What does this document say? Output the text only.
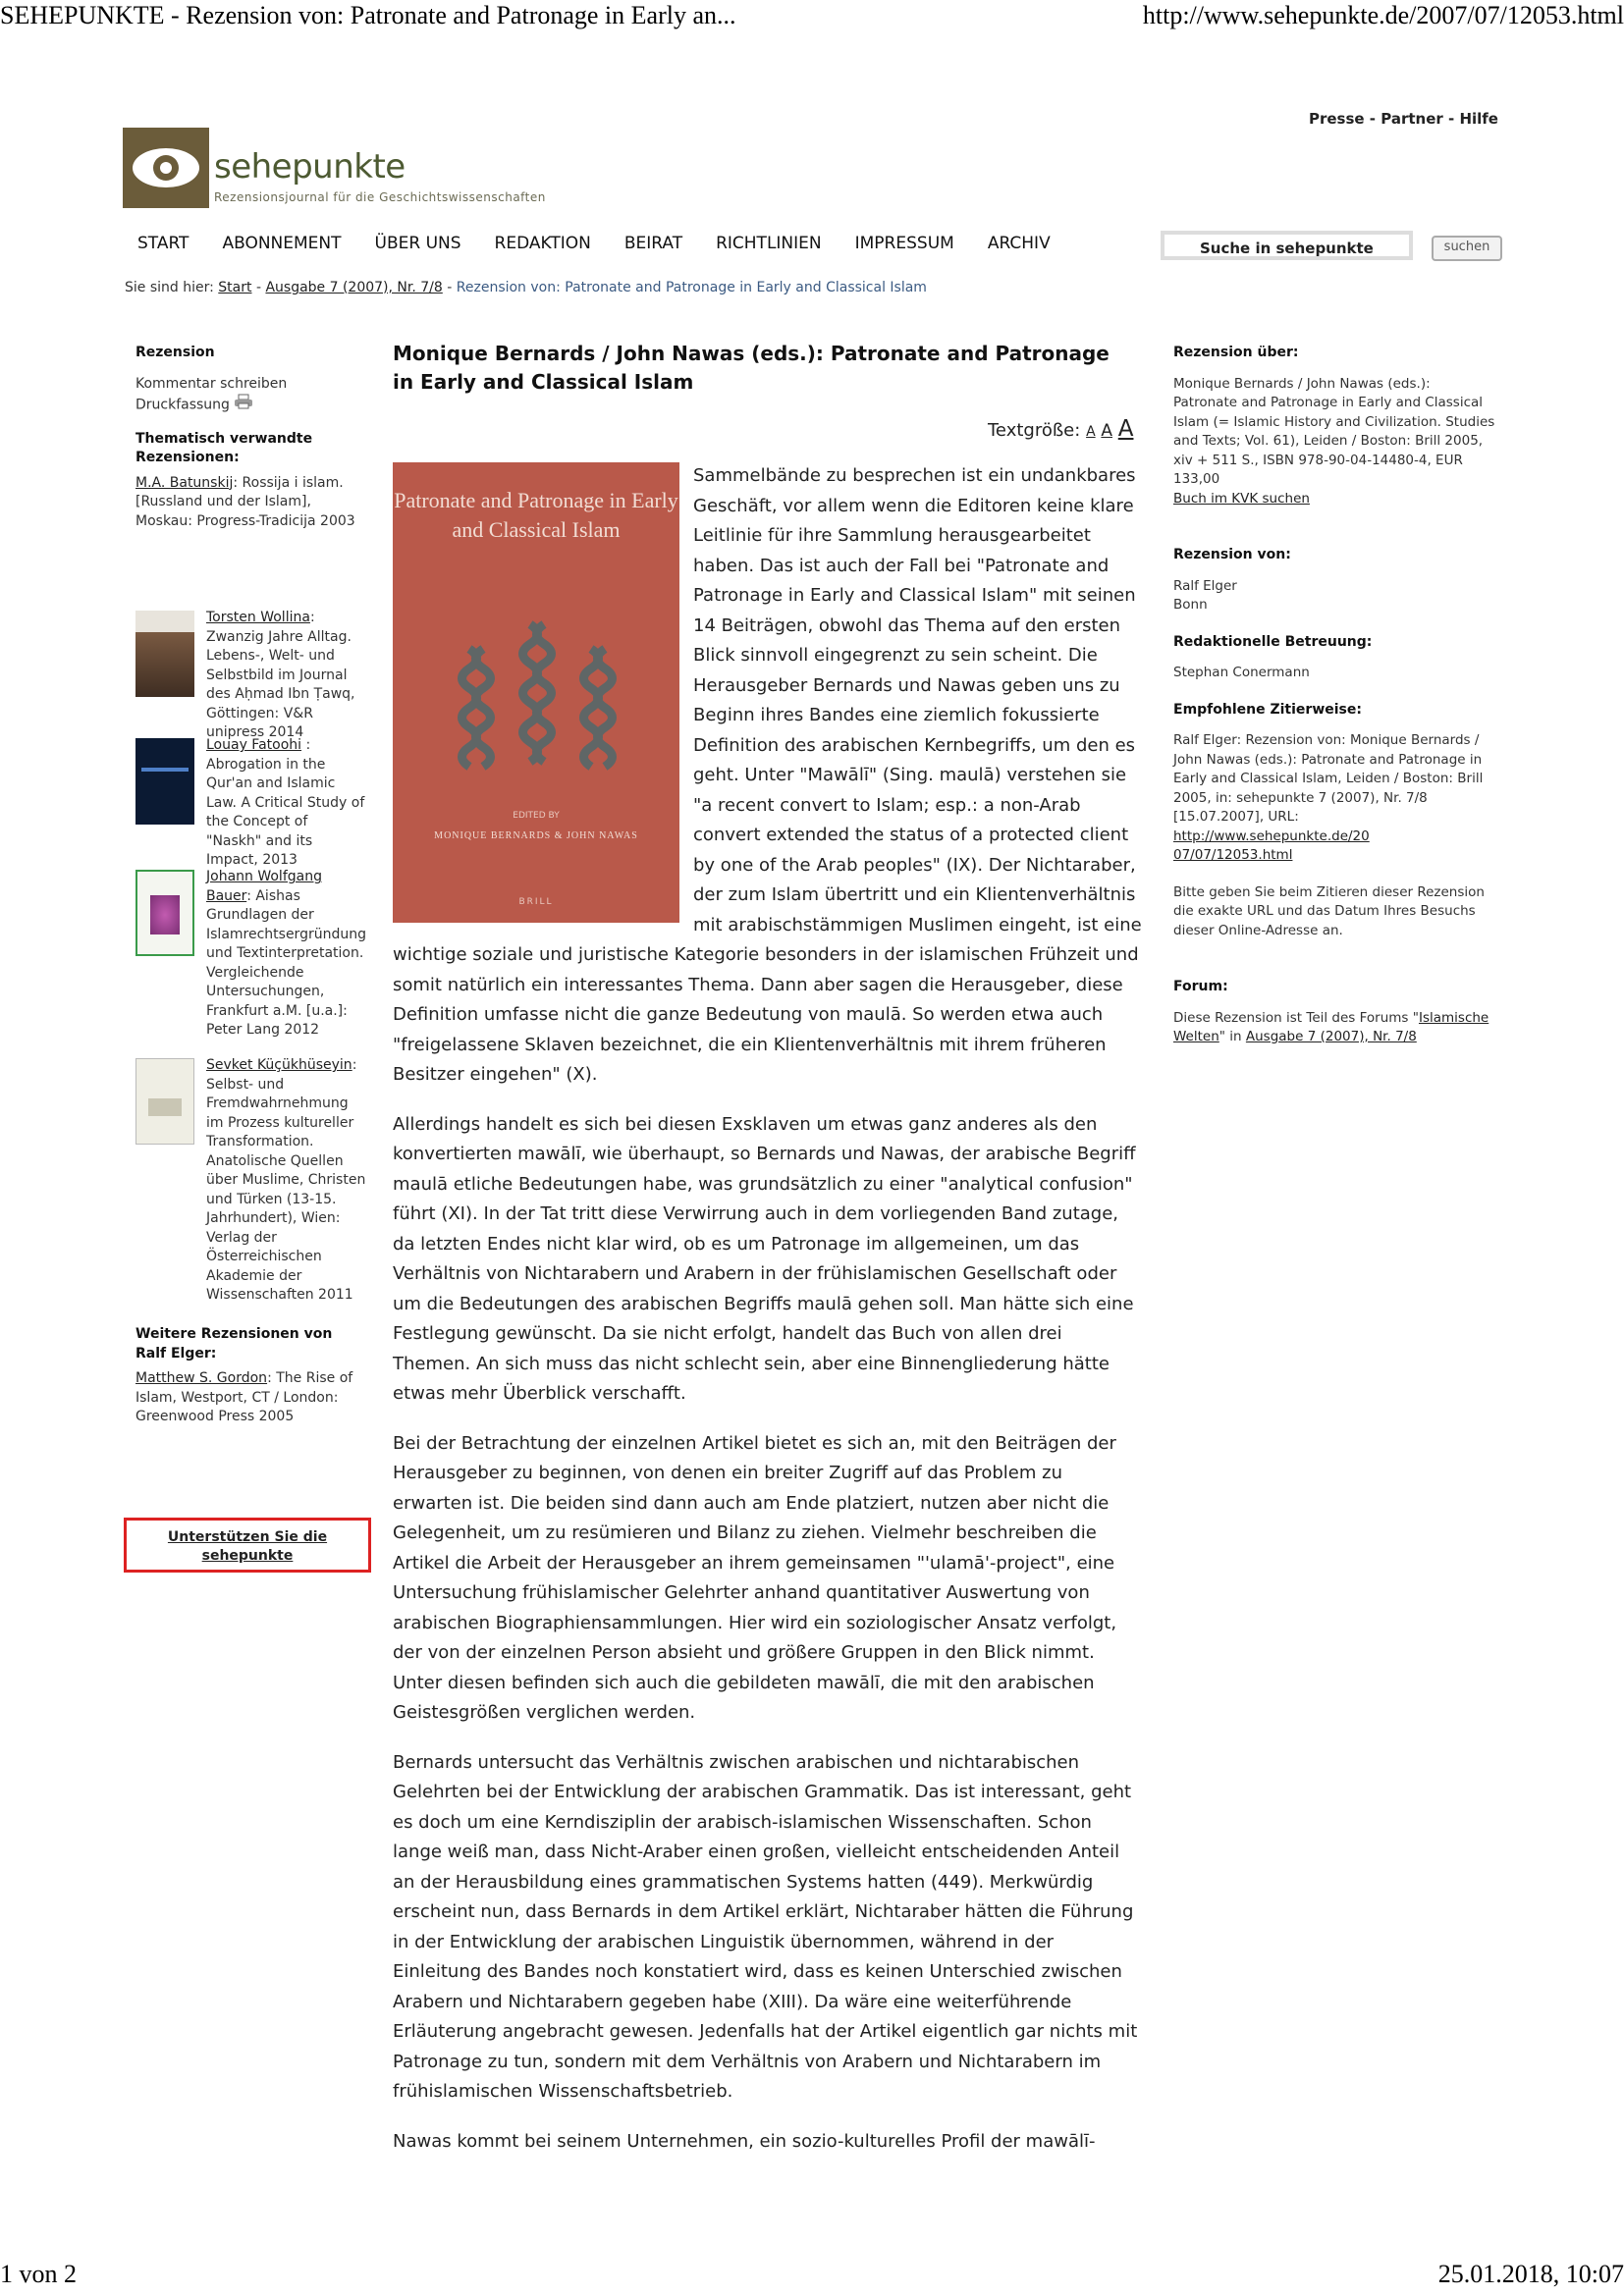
SEHEPUNKTE - Rezension von: Patronate and Patronage in Early an...	http://www.sehepunkte.de/2007/07/12053.html
Presse - Partner - Hilfe
sehepunkte
Rezensionsjournal für die Geschichtswissenschaften
START ABONNEMENT ÜBER UNS REDAKTION BEIRAT RICHTLINIEN IMPRESSUM ARCHIV	Suche in sehepunkte	suchen
Sie sind hier: Start - Ausgabe 7 (2007), Nr. 7/8 - Rezension von: Patronate and Patronage in Early and Classical Islam
Rezension
Kommentar schreiben
Druckfassung
Thematisch verwandte Rezensionen:
M.A. Batunskij: Rossija i islam. [Russland und der Islam], Moskau: Progress-Tradicija 2003
Torsten Wollina: Zwanzig Jahre Alltag. Lebens-, Welt- und Selbstbild im Journal des Aḥmad Ibn Ṭawq, Göttingen: V&R unipress 2014
Louay Fatoohi : Abrogation in the Qur'an and Islamic Law. A Critical Study of the Concept of "Naskh" and its Impact, 2013
Johann Wolfgang Bauer: Aishas Grundlagen der Islamrechtsergründung und Textinterpretation. Vergleichende Untersuchungen, Frankfurt a.M. [u.a.]: Peter Lang 2012
Sevket Küçükhüseyin: Selbst- und Fremdwahrnehmung im Prozess kultureller Transformation. Anatolische Quellen über Muslime, Christen und Türken (13-15. Jahrhundert), Wien: Verlag der Österreichischen Akademie der Wissenschaften 2011
Weitere Rezensionen von Ralf Elger:
Matthew S. Gordon: The Rise of Islam, Westport, CT / London: Greenwood Press 2005
Unterstützen Sie die sehepunkte
Monique Bernards / John Nawas (eds.): Patronate and Patronage in Early and Classical Islam
Textgröße: A A A
Patronate and Patronage in Early and Classical Islam
EDITED BY
MONIQUE BERNARDS & JOHN NAWAS
BRILL

Sammelbände zu besprechen ist ein undankbares Geschäft, vor allem wenn die Editoren keine klare Leitlinie für ihre Sammlung herausgearbeitet haben. Das ist auch der Fall bei "Patronate and Patronage in Early and Classical Islam" mit seinen 14 Beiträgen, obwohl das Thema auf den ersten Blick sinnvoll eingegrenzt zu sein scheint. Die Herausgeber Bernards und Nawas geben uns zu Beginn ihres Bandes eine ziemlich fokussierte Definition des arabischen Kernbegriffs, um den es geht. Unter "Mawālī" (Sing. maulā) verstehen sie "a recent convert to Islam; esp.: a non-Arab convert extended the status of a protected client by one of the Arab peoples" (IX). Der Nichtaraber, der zum Islam übertritt und ein Klientenverhältnis mit arabischstämmigen Muslimen eingeht, ist eine wichtige soziale und juristische Kategorie besonders in der islamischen Frühzeit und somit natürlich ein interessantes Thema. Dann aber sagen die Herausgeber, diese Definition umfasse nicht die ganze Bedeutung von maulā. So werden etwa auch "freigelassene Sklaven bezeichnet, die ein Klientenverhältnis mit ihrem früheren Besitzer eingehen" (X).

Allerdings handelt es sich bei diesen Exsklaven um etwas ganz anderes als den konvertierten mawālī, wie überhaupt, so Bernards und Nawas, der arabische Begriff maulā etliche Bedeutungen habe, was grundsätzlich zu einer "analytical confusion" führt (XI). In der Tat tritt diese Verwirrung auch in dem vorliegenden Band zutage, da letzten Endes nicht klar wird, ob es um Patronage im allgemeinen, um das Verhältnis von Nichtarabern und Arabern in der frühislamischen Gesellschaft oder um die Bedeutungen des arabischen Begriffs maulā gehen soll. Man hätte sich eine Festlegung gewünscht. Da sie nicht erfolgt, handelt das Buch von allen drei Themen. An sich muss das nicht schlecht sein, aber eine Binnengliederung hätte etwas mehr Überblick verschafft.

Bei der Betrachtung der einzelnen Artikel bietet es sich an, mit den Beiträgen der Herausgeber zu beginnen, von denen ein breiter Zugriff auf das Problem zu erwarten ist. Die beiden sind dann auch am Ende platziert, nutzen aber nicht die Gelegenheit, um zu resümieren und Bilanz zu ziehen. Vielmehr beschreiben die Artikel die Arbeit der Herausgeber an ihrem gemeinsamen "'ulamā'-project", eine Untersuchung frühislamischer Gelehrter anhand quantitativer Auswertung von arabischen Biographiensammlungen. Hier wird ein soziologischer Ansatz verfolgt, der von der einzelnen Person absieht und größere Gruppen in den Blick nimmt. Unter diesen befinden sich auch die gebildeten mawālī, die mit den arabischen Geistesgrößen verglichen werden.

Bernards untersucht das Verhältnis zwischen arabischen und nichtarabischen Gelehrten bei der Entwicklung der arabischen Grammatik. Das ist interessant, geht es doch um eine Kerndisziplin der arabisch-islamischen Wissenschaften. Schon lange weiß man, dass Nicht-Araber einen großen, vielleicht entscheidenden Anteil an der Herausbildung eines grammatischen Systems hatten (449). Merkwürdig erscheint nun, dass Bernards in dem Artikel erklärt, Nichtaraber hätten die Führung in der Entwicklung der arabischen Linguistik übernommen, während in der Einleitung des Bandes noch konstatiert wird, dass es keinen Unterschied zwischen Arabern und Nichtarabern gegeben habe (XIII). Da wäre eine weiterführende Erläuterung angebracht gewesen. Jedenfalls hat der Artikel eigentlich gar nichts mit Patronage zu tun, sondern mit dem Verhältnis von Arabern und Nichtarabern im frühislamischen Wissenschaftsbetrieb.

Nawas kommt bei seinem Unternehmen, ein sozio-kulturelles Profil der mawālī-

Rezension über:
Monique Bernards / John Nawas (eds.): Patronate and Patronage in Early and Classical Islam (= Islamic History and Civilization. Studies and Texts; Vol. 61), Leiden / Boston: Brill 2005, xiv + 511 S., ISBN 978-90-04-14480-4, EUR 133,00
Buch im KVK suchen
Rezension von:
Ralf Elger
Bonn
Redaktionelle Betreuung:
Stephan Conermann
Empfohlene Zitierweise:
Ralf Elger: Rezension von: Monique Bernards / John Nawas (eds.): Patronate and Patronage in Early and Classical Islam, Leiden / Boston: Brill 2005, in: sehepunkte 7 (2007), Nr. 7/8 [15.07.2007], URL:
http://www.sehepunkte.de/2007/07/12053.html
Bitte geben Sie beim Zitieren dieser Rezension die exakte URL und das Datum Ihres Besuchs dieser Online-Adresse an.
Forum:
Diese Rezension ist Teil des Forums "Islamische Welten" in Ausgabe 7 (2007), Nr. 7/8
1 von 2	25.01.2018, 10:07
